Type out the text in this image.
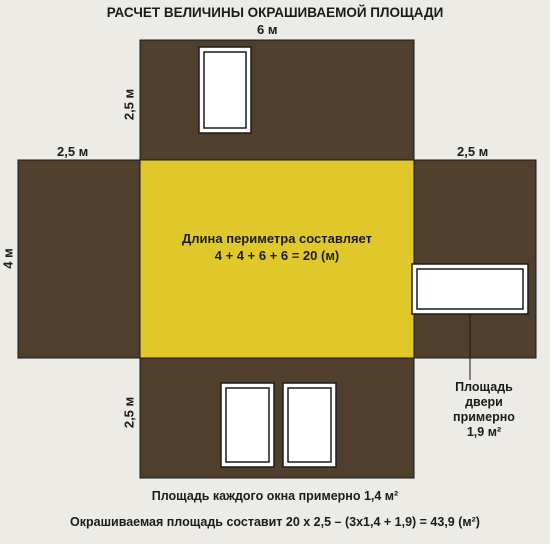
РАСЧЕТ ВЕЛИЧИНЫ ОКРАШИВАЕМОЙ ПЛОЩАДИ
6 м
2,5 м
2,5 м	2,5 м
4 м
2,5 м
Длина периметра составляет
4 + 4 + 6 + 6 = 20 (м)
Площадь
двери
примерно
1,9 м²
Площадь каждого окна примерно 1,4 м²
Окрашиваемая площадь составит 20 х 2,5 – (3х1,4 + 1,9) = 43,9 (м²)
